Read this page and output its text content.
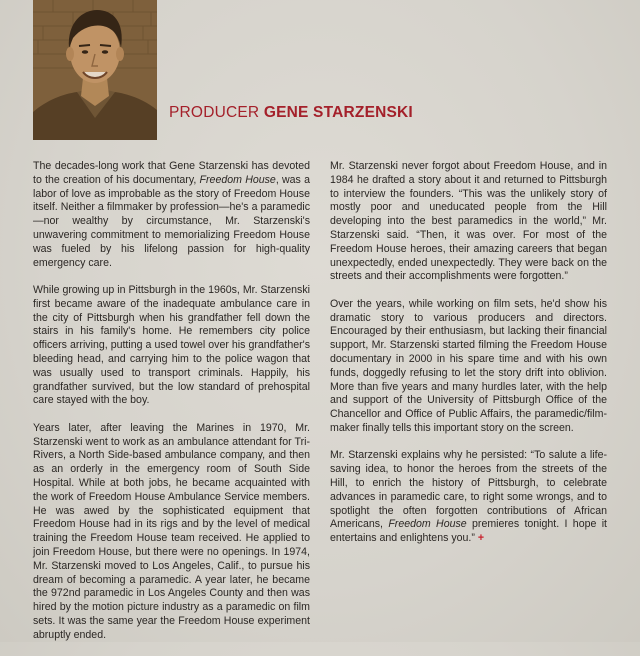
PRODUCER GENE STARZENSKI

The decades-long work that Gene Starzenski has devoted to the creation of his documentary, Freedom House, was a labor of love as improbable as the story of Freedom House itself. Neither a filmmaker by profession—he's a paramedic—nor wealthy by circumstance, Mr. Starzenski's unwavering commitment to memorializing Freedom House was fueled by his lifelong passion for high-quality emergency care.

While growing up in Pittsburgh in the 1960s, Mr. Starzenski first became aware of the inadequate ambulance care in the city of Pittsburgh when his grandfather fell down the stairs in his family's home. He remembers city police officers arriving, putting a used towel over his grandfather's bleeding head, and carrying him to the police wagon that was usually used to transport criminals. Happily, his grandfather survived, but the low standard of prehospital care stayed with the boy.

Years later, after leaving the Marines in 1970, Mr. Starzenski went to work as an ambulance attendant for Tri-Rivers, a North Side-based ambulance company, and then as an orderly in the emergency room of South Side Hospital. While at both jobs, he became acquainted with the work of Freedom House Ambulance Service members. He was awed by the sophisticated equipment that Freedom House had in its rigs and by the level of medical training the Freedom House team received. He applied to join Freedom House, but there were no openings. In 1974, Mr. Starzenski moved to Los Angeles, Calif., to pursue his dream of becoming a paramedic. A year later, he became the 972nd paramedic in Los Angeles County and then was hired by the motion picture industry as a paramedic on film sets. It was the same year the Freedom House experiment abruptly ended.

Mr. Starzenski never forgot about Freedom House, and in 1984 he drafted a story about it and returned to Pittsburgh to interview the founders. “This was the unlikely story of mostly poor and uneducated people from the Hill developing into the best paramedics in the world,” Mr. Starzenski said. “Then, it was over. For most of the Freedom House heroes, their amazing careers that began unexpectedly, ended unexpectedly. They were back on the streets and their accomplishments were forgotten.”

Over the years, while working on film sets, he'd show his dramatic story to various producers and directors. Encouraged by their enthusiasm, but lacking their financial support, Mr. Starzenski started filming the Freedom House documentary in 2000 in his spare time and with his own funds, doggedly refusing to let the story drift into oblivion. More than five years and many hurdles later, with the help and support of the University of Pittsburgh Office of the Chancellor and Office of Public Affairs, the paramedic/film-maker finally tells this important story on the screen.

Mr. Starzenski explains why he persisted: “To salute a life-saving idea, to honor the heroes from the streets of the Hill, to enrich the history of Pittsburgh, to celebrate advances in paramedic care, to right some wrongs, and to spotlight the often forgotten contributions of African Americans, Freedom House premieres tonight. I hope it entertains and enlightens you.” +
